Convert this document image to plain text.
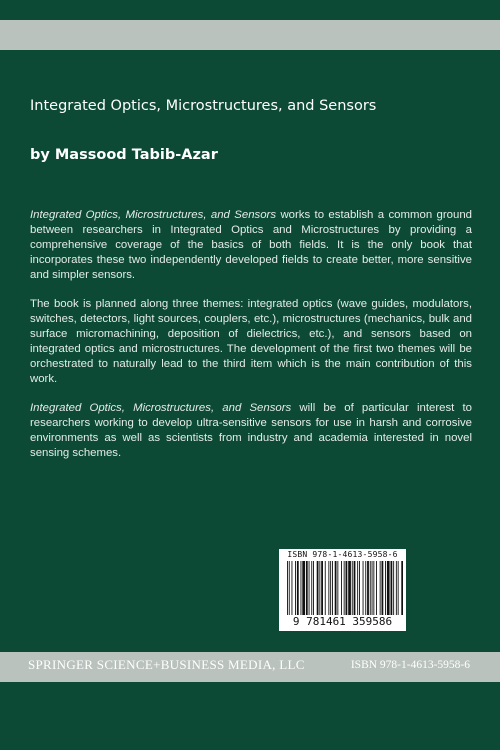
Integrated Optics, Microstructures, and Sensors
by Massood Tabib-Azar

Integrated Optics, Microstructures, and Sensors works to establish a common ground between researchers in Integrated Optics and Microstructures by providing a comprehensive coverage of the basics of both fields. It is the only book that incorporates these two independently developed fields to create better, more sensitive and simpler sensors.

The book is planned along three themes: integrated optics (wave guides, modulators, switches, detectors, light sources, couplers, etc.), microstructures (mechanics, bulk and surface micromachining, deposition of dielectrics, etc.), and sensors based on integrated optics and microstructures. The development of the first two themes will be orchestrated to naturally lead to the third item which is the main contribution of this work.

Integrated Optics, Microstructures, and Sensors will be of particular interest to researchers working to develop ultra-sensitive sensors for use in harsh and corrosive environments as well as scientists from industry and academia interested in novel sensing schemes.

ISBN 978-1-4613-5958-6
9 781461 359586
SPRINGER SCIENCE+BUSINESS MEDIA, LLC	ISBN 978-1-4613-5958-6
